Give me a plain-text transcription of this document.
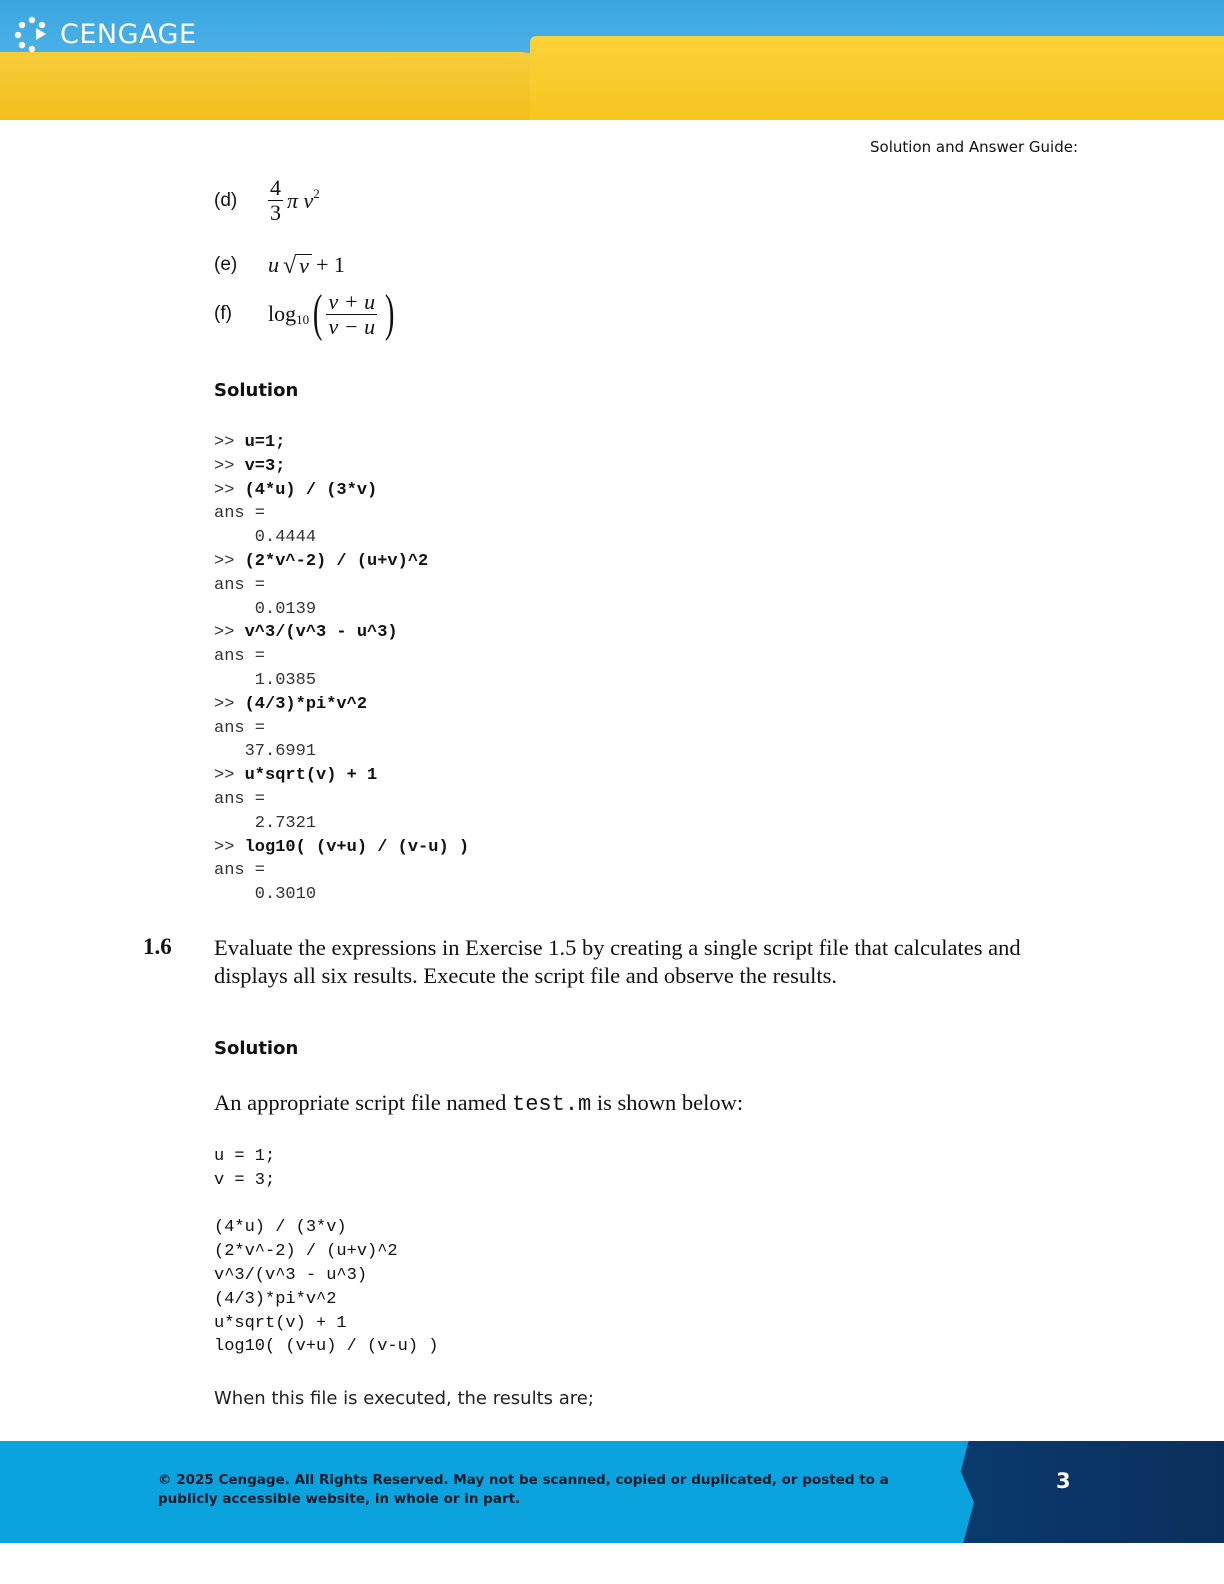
CENGAGE
Solution and Answer Guide:
(d)	$\frac{4}{3}$ π $v^2$
(e)	u √ v + 1
(f)	$\log_{10}$ ( $\frac{v + u}{v - u}$ )
Solution
>> u=1;
>> v=3;
>> (4*u) / (3*v)
ans =
0.4444
>> (2*v^-2) / (u+v)^2
ans =
0.0139
>> v^3/(v^3 - u^3)
ans =
1.0385
>> (4/3)*pi*v^2
ans =
37.6991
>> u*sqrt(v) + 1
ans =
2.7321
>> log10( (v+u) / (v-u) )
ans =
0.3010
1.6 Evaluate the expressions in Exercise 1.5 by creating a single script file that calculates and displays all six results. Execute the script file and observe the results.
Solution
An appropriate script file named test.m is shown below:
u = 1;
v = 3;
(4*u) / (3*v)
(2*v^-2) / (u+v)^2
v^3/(v^3 - u^3)
(4/3)*pi*v^2
u*sqrt(v) + 1
log10( (v+u) / (v-u) )
When this file is executed, the results are;
© 2025 Cengage. All Rights Reserved. May not be scanned, copied or duplicated, or posted to a publicly accessible website, in whole or in part.
3
